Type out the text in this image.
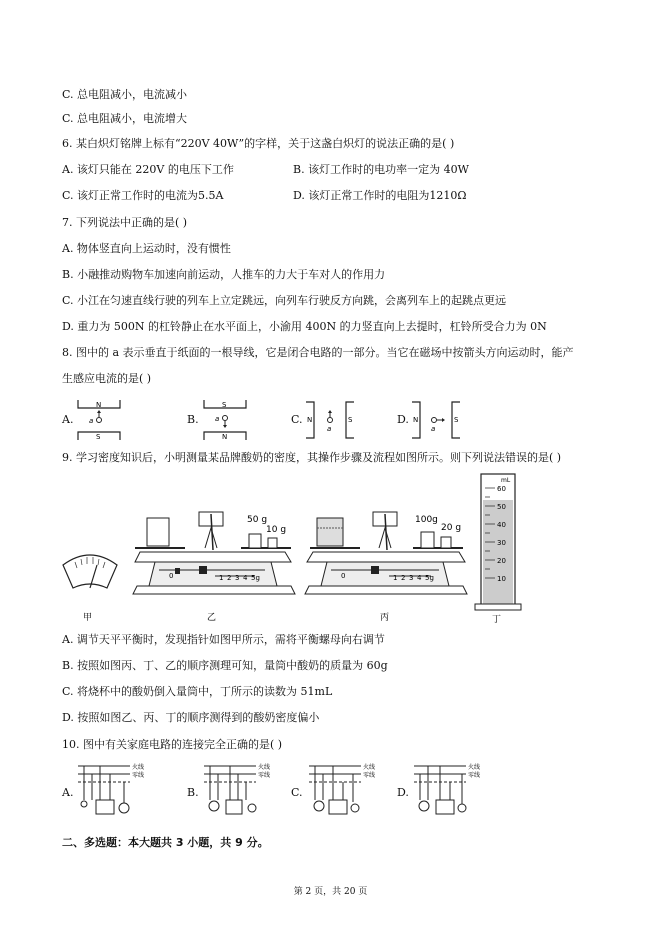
C. 总电阻减小，电流减小
C. 总电阻减小，电流增大
6. 某白炽灯铭牌上标有“220V 40W”的字样，关于这盏白炽灯的说法正确的是( )
A. 该灯只能在 220V 的电压下工作	B. 该灯工作时的电功率一定为 40W
C. 该灯正常工作时的电流为5.5A	D. 该灯正常工作时的电阻为1210Ω
7. 下列说法中正确的是( )
A. 物体竖直向上运动时，没有惯性
B. 小融推动购物车加速向前运动，人推车的力大于车对人的作用力
C. 小江在匀速直线行驶的列车上立定跳远，向列车行驶反方向跳，会离列车上的起跳点更远
D. 重力为 500N 的杠铃静止在水平面上，小渝用 400N 的力竖直向上去提时，杠铃所受合力为 0N
8. 图中的 a 表示垂直于纸面的一根导线，它是闭合电路的一部分。当它在磁场中按箭头方向运动时，能产
生感应电流的是( )
A.
N
S
a	B.
S
N
a	C. N	S
a
D. N	S
a
9. 学习密度知识后，小明测量某品牌酸奶的密度，其操作步骤及流程如图所示。则下列说法错误的是( )
甲
50 g
10 g
0	1 2 3 4 5g
乙
100g
20 g
0	1 2 3 4 5g
丙
mL
60
50
40
30
20
10
丁
A. 调节天平平衡时，发现指针如图甲所示，需将平衡螺母向右调节
B. 按照如图丙、丁、乙的顺序测理可知，量筒中酸奶的质量为 60g
C. 将烧杯中的酸奶倒入量筒中，丁所示的读数为 51mL
D. 按照如图乙、丙、丁的顺序测得到的酸奶密度偏小
10. 图中有关家庭电路的连接完全正确的是( )
A.
火线
零线
B.
火线
零线
C.
火线
零线
D.
火线
零线
二、多选题：本大题共 3 小题，共 9 分。
第 2 页，共 20 页
